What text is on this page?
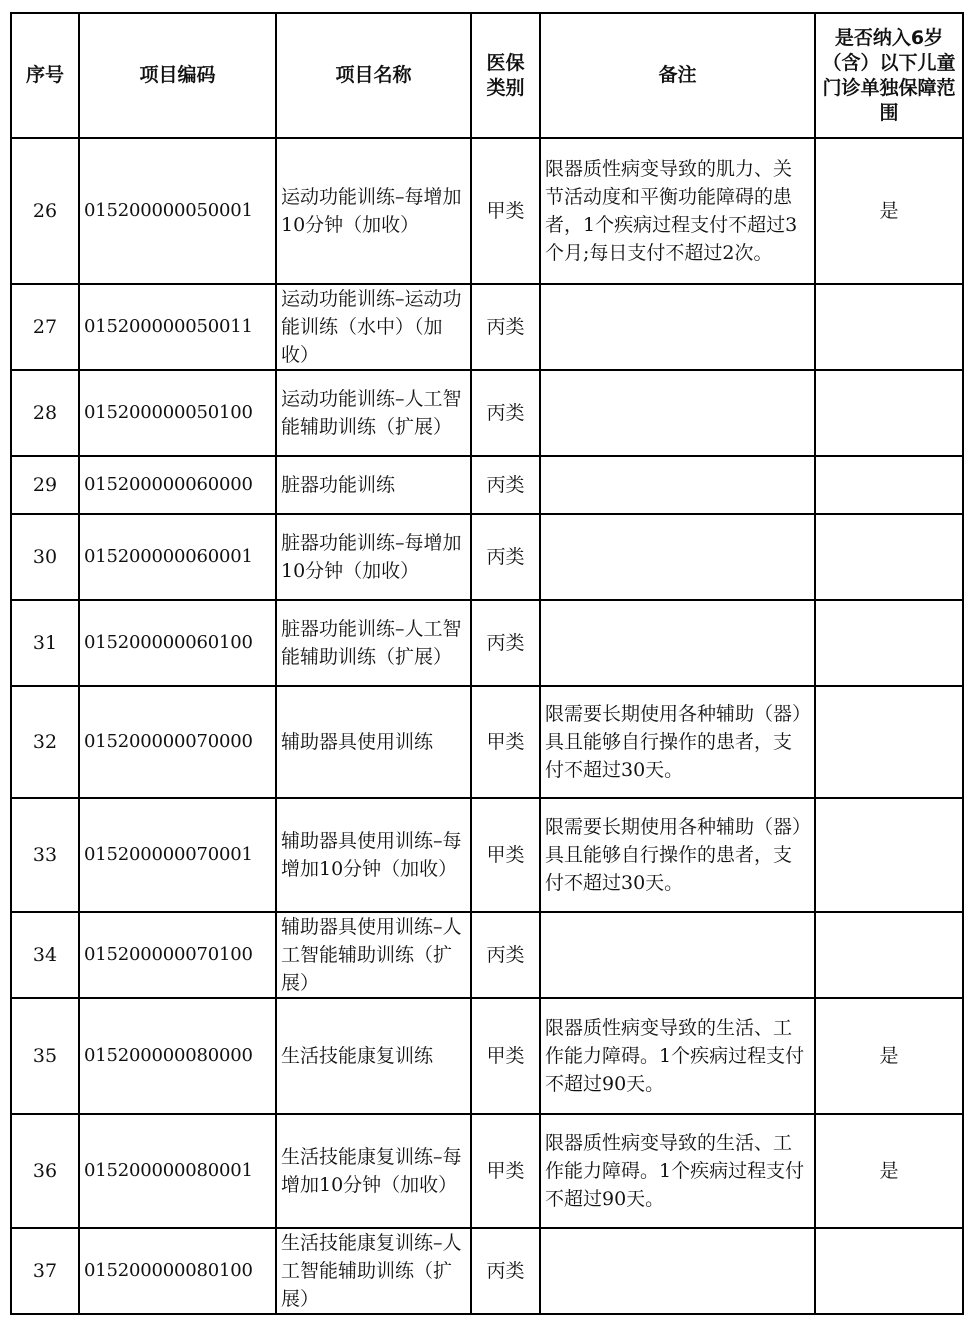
序号	项目编码	项目名称	医保类别	备注	是否纳入6岁（含）以下儿童门诊单独保障范围
26	015200000050001	运动功能训练–每增加10分钟（加收）	甲类	限器质性病变导致的肌力、关节活动度和平衡功能障碍的患者，1个疾病过程支付不超过3个月;每日支付不超过2次。	是
27	015200000050011	运动功能训练–运动功能训练（水中）（加收）	丙类		
28	015200000050100	运动功能训练–人工智能辅助训练（扩展）	丙类		
29	015200000060000	脏器功能训练	丙类		
30	015200000060001	脏器功能训练–每增加10分钟（加收）	丙类		
31	015200000060100	脏器功能训练–人工智能辅助训练（扩展）	丙类		
32	015200000070000	辅助器具使用训练	甲类	限需要长期使用各种辅助（器）具且能够自行操作的患者，支付不超过30天。	
33	015200000070001	辅助器具使用训练–每增加10分钟（加收）	甲类	限需要长期使用各种辅助（器）具且能够自行操作的患者，支付不超过30天。	
34	015200000070100	辅助器具使用训练–人工智能辅助训练（扩展）	丙类		
35	015200000080000	生活技能康复训练	甲类	限器质性病变导致的生活、工作能力障碍。1个疾病过程支付不超过90天。	是
36	015200000080001	生活技能康复训练–每增加10分钟（加收）	甲类	限器质性病变导致的生活、工作能力障碍。1个疾病过程支付不超过90天。	是
37	015200000080100	生活技能康复训练–人工智能辅助训练（扩展）	丙类		
